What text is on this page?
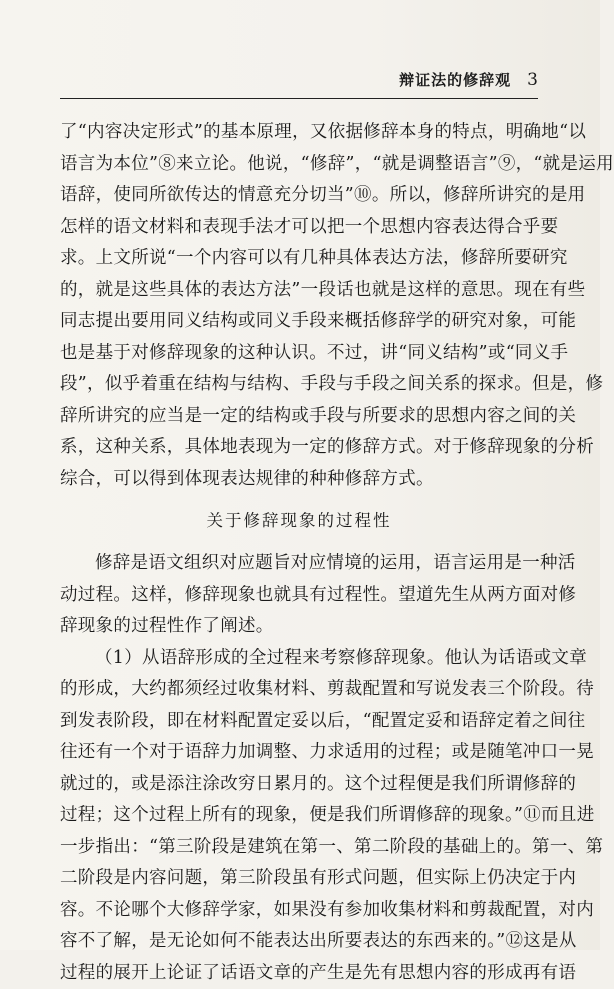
辩证法的修辞观 3
了“内容决定形式”的基本原理，又依据修辞本身的特点，明确地“以
语言为本位”⑧来立论。他说，“修辞”，“就是调整语言”⑨，“就是运用
语辞，使同所欲传达的情意充分切当”⑩。所以，修辞所讲究的是用
怎样的语文材料和表现手法才可以把一个思想内容表达得合乎要
求。上文所说“一个内容可以有几种具体表达方法，修辞所要研究
的，就是这些具体的表达方法”一段话也就是这样的意思。现在有些
同志提出要用同义结构或同义手段来概括修辞学的研究对象，可能
也是基于对修辞现象的这种认识。不过，讲“同义结构”或“同义手
段”，似乎着重在结构与结构、手段与手段之间关系的探求。但是，修
辞所讲究的应当是一定的结构或手段与所要求的思想内容之间的关
系，这种关系，具体地表现为一定的修辞方式。对于修辞现象的分析
综合，可以得到体现表达规律的种种修辞方式。
关于修辞现象的过程性
修辞是语文组织对应题旨对应情境的运用，语言运用是一种活
动过程。这样，修辞现象也就具有过程性。望道先生从两方面对修
辞现象的过程性作了阐述。
（1）从语辞形成的全过程来考察修辞现象。他认为话语或文章
的形成，大约都须经过收集材料、剪裁配置和写说发表三个阶段。待
到发表阶段，即在材料配置定妥以后，“配置定妥和语辞定着之间往
往还有一个对于语辞力加调整、力求适用的过程；或是随笔冲口一晃
就过的，或是添注涂改穷日累月的。这个过程便是我们所谓修辞的
过程；这个过程上所有的现象，便是我们所谓修辞的现象。”⑪而且进
一步指出：“第三阶段是建筑在第一、第二阶段的基础上的。第一、第
二阶段是内容问题，第三阶段虽有形式问题，但实际上仍决定于内
容。不论哪个大修辞学家，如果没有参加收集材料和剪裁配置，对内
容不了解，是无论如何不能表达出所要表达的东西来的。”⑫这是从
过程的展开上论证了话语文章的产生是先有思想内容的形成再有语
